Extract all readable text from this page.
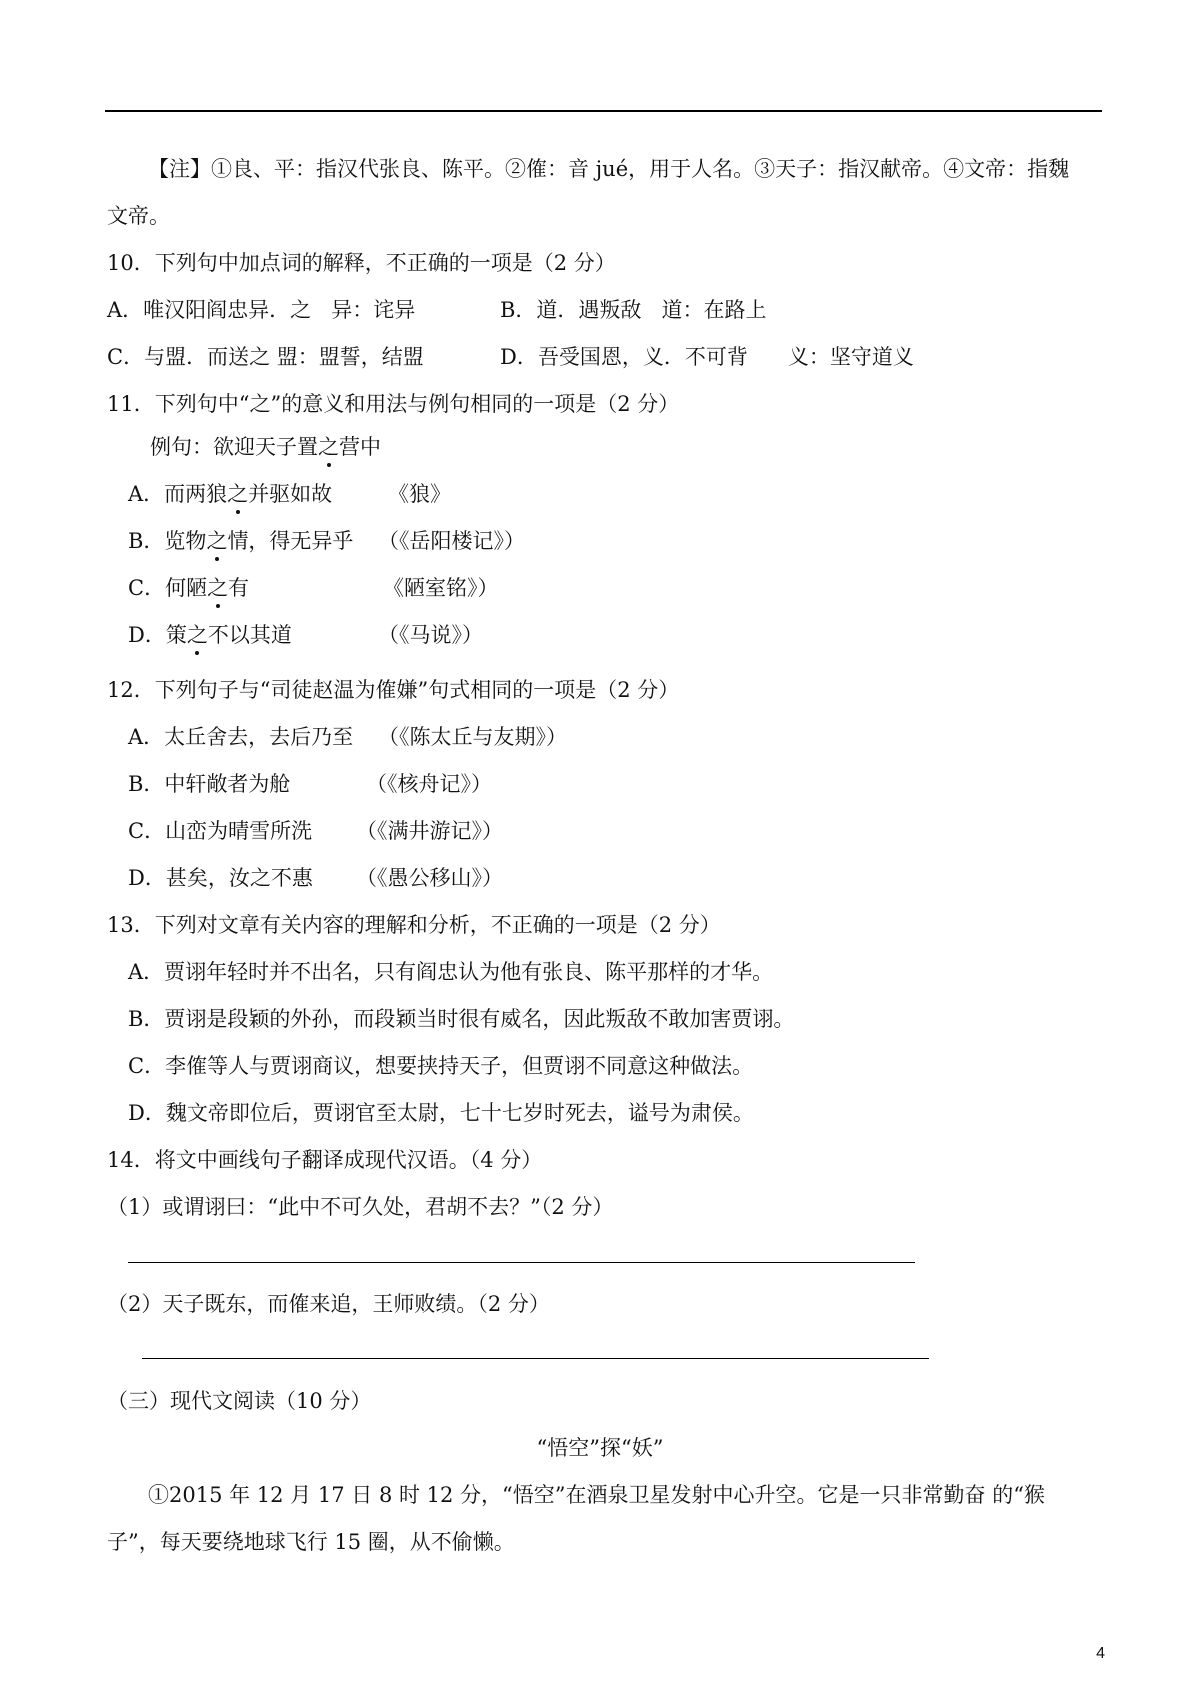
【注】①良、平：指汉代张良、陈平。②傕：音 jué，用于人名。③天子：指汉献帝。④文帝：指魏
文帝。
10．下列句中加点词的解释，不正确的一项是（2 分）
A．唯汉阳阎忠异．之   异：诧异	B．道．遇叛敌   道：在路上
C．与盟．而送之 盟：盟誓，结盟	D．吾受国恩，义．不可背      义：坚守道义
11．下列句中“之”的意义和用法与例句相同的一项是（2 分）
例句：欲迎天子置之营中
A．而两狼之并驱如故	《狼》
B．览物之情，得无异乎 （《岳阳楼记》）
C．何陋之有	《陋室铭》）
D．策之不以其道	（《马说》）
12．下列句子与“司徒赵温为傕嫌”句式相同的一项是（2 分）
A．太丘舍去，去后乃至 （《陈太丘与友期》）
B．中轩敞者为舱	（《核舟记》）
C．山峦为晴雪所洗 （《满井游记》）
D．甚矣，汝之不惠 （《愚公移山》）
13．下列对文章有关内容的理解和分析，不正确的一项是（2 分）
A．贾诩年轻时并不出名，只有阎忠认为他有张良、陈平那样的才华。
B．贾诩是段颖的外孙，而段颖当时很有威名，因此叛敌不敢加害贾诩。
C．李傕等人与贾诩商议，想要挟持天子，但贾诩不同意这种做法。
D．魏文帝即位后，贾诩官至太尉，七十七岁时死去，谥号为肃侯。
14．将文中画线句子翻译成现代汉语。（4 分）
（1）或谓诩曰：“此中不可久处，君胡不去？”（2 分）
（2）天子既东，而傕来追，王师败绩。（2 分）
（三）现代文阅读（10 分）
“悟空”探“妖”
①2015 年 12 月 17 日 8 时 12 分，“悟空”在酒泉卫星发射中心升空。它是一只非常勤奋 的“猴
子”，每天要绕地球飞行 15 圈，从不偷懒。
4
